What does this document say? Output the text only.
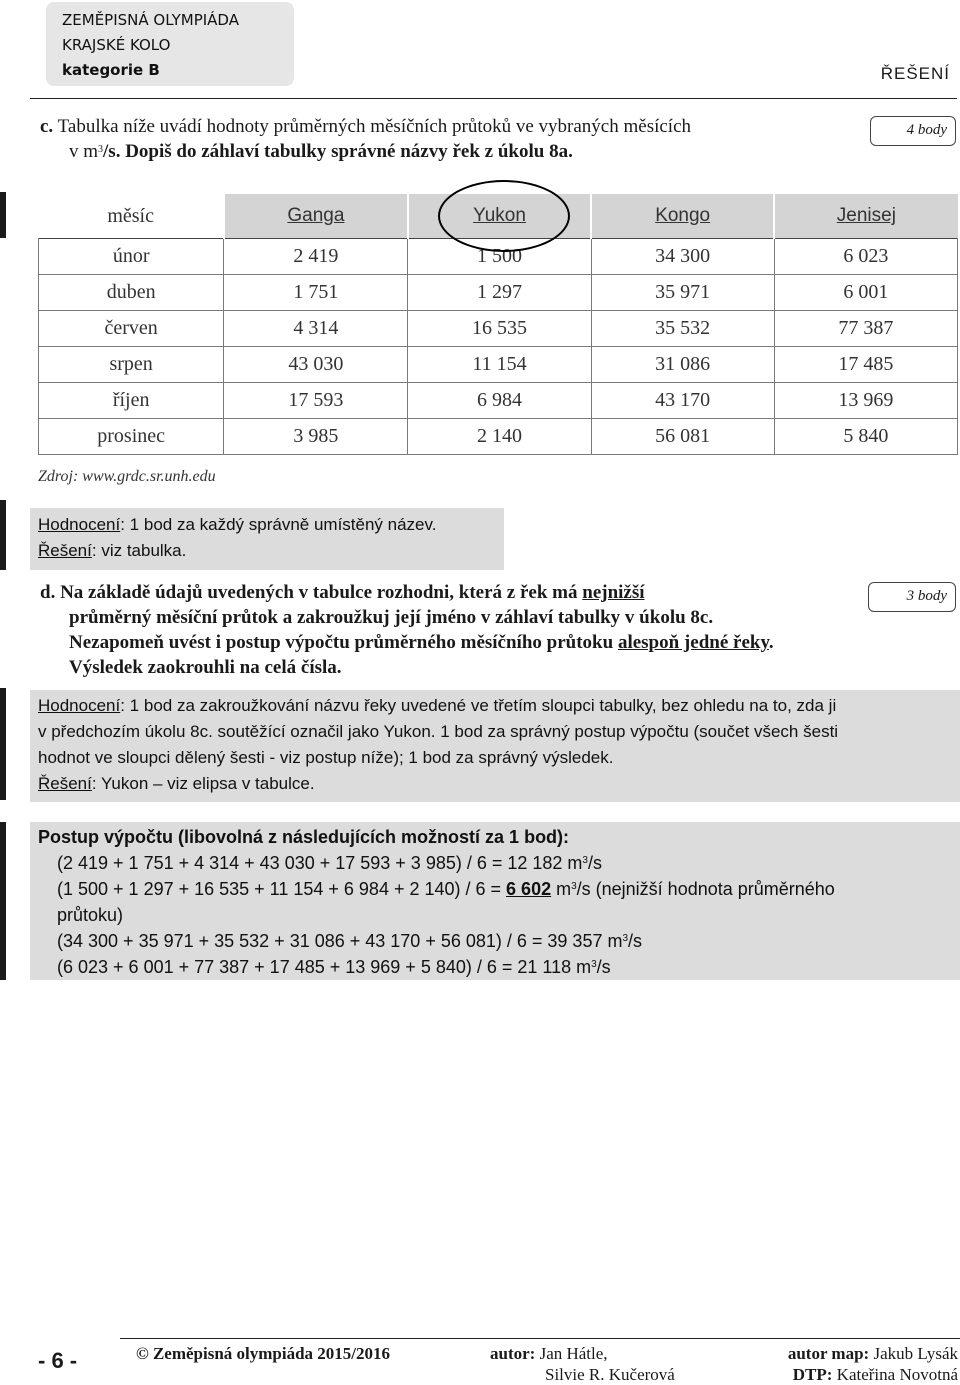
ZEMĚPISNÁ OLYMPIÁDA
KRAJSKÉ KOLO
kategorie B	ŘEŠENÍ
c. Tabulka níže uvádí hodnoty průměrných měsíčních průtoků ve vybraných měsících
v $m^3/s$. Dopiš do záhlaví tabulky správné názvy řek z úkolu 8a.
4 body
měsíc	Ganga	Yukon	Kongo	Jenisej
únor	2 419	1 500	34 300	6 023
duben	1 751	1 297	35 971	6 001
červen	4 314	16 535	35 532	77 387
srpen	43 030	11 154	31 086	17 485
říjen	17 593	6 984	43 170	13 969
prosinec	3 985	2 140	56 081	5 840
Zdroj: www.grdc.sr.unh.edu
Hodnocení: 1 bod za každý správně umístěný název.
Řešení: viz tabulka.
d. Na základě údajů uvedených v tabulce rozhodni, která z řek má nejnižší
průměrný měsíční průtok a zakroužkuj její jméno v záhlaví tabulky v úkolu 8c.
Nezapomeň uvést i postup výpočtu průměrného měsíčního průtoku alespoň jedné řeky.
Výsledek zaokrouhli na celá čísla.
3 body
Hodnocení: 1 bod za zakroužkování názvu řeky uvedené ve třetím sloupci tabulky, bez ohledu na to, zda ji
v předchozím úkolu 8c. soutěžící označil jako Yukon. 1 bod za správný postup výpočtu (součet všech šesti
hodnot ve sloupci dělený šesti - viz postup níže); 1 bod za správný výsledek.
Řešení: Yukon – viz elipsa v tabulce.
Postup výpočtu (libovolná z následujících možností za 1 bod):
(2 419 + 1 751 + 4 314 + 43 030 + 17 593 + 3 985) / 6 = 12 182 $m^3/s$
(1 500 + 1 297 + 16 535 + 11 154 + 6 984 + 2 140) / 6 = 6 602 $m^3/s$ (nejnižší hodnota průměrného
průtoku)
(34 300 + 35 971 + 35 532 + 31 086 + 43 170 + 56 081) / 6 = 39 357 $m^3/s$
(6 023 + 6 001 + 77 387 + 17 485 + 13 969 + 5 840) / 6 = 21 118 $m^3/s$
- 6 -	© Zeměpisná olympiáda 2015/2016	autor: Jan Hátle,
Silvie R. Kučerová
autor map: Jakub Lysák
DTP: Kateřina Novotná
